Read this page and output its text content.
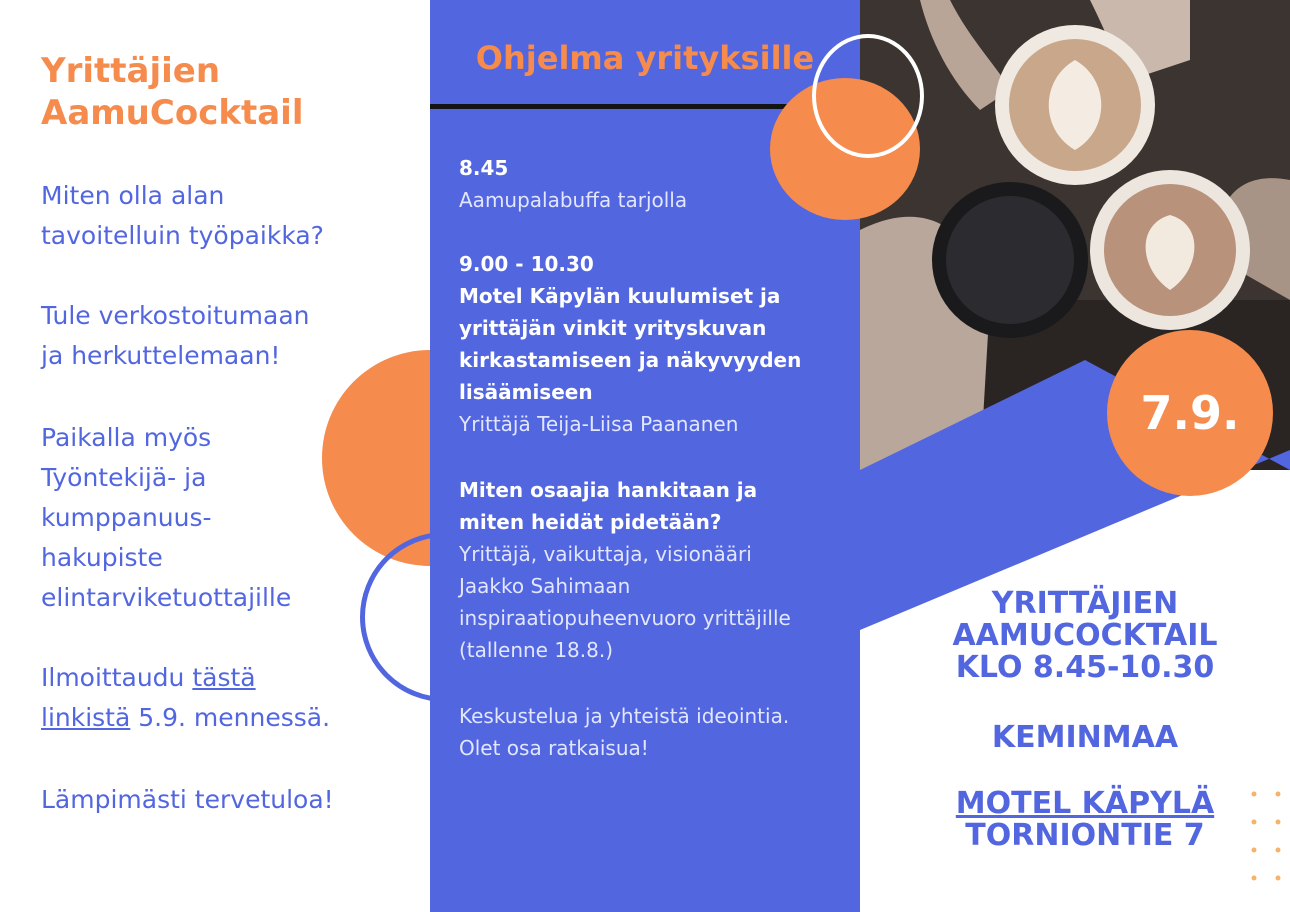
Yrittäjien
AamuCocktail
Miten olla alan
tavoitelluin työpaikka?
Tule verkostoitumaan
ja herkuttelemaan!
Paikalla myös
Työntekijä- ja
kumppanuus-
hakupiste
elintarviketuottajille
Ilmoittaudu tästä
linkistä 5.9. mennessä.
Lämpimästi tervetuloa!
Ohjelma yrityksille
8.45
Aamupalabuffa tarjolla
9.00 - 10.30
Motel Käpylän kuulumiset ja
yrittäjän vinkit yrityskuvan
kirkastamiseen ja näkyvyyden
lisäämiseen
Yrittäjä Teija-Liisa Paananen
Miten osaajia hankitaan ja
miten heidät pidetään?
Yrittäjä, vaikuttaja, visionääri
Jaakko Sahimaan
inspiraatiopuheenvuoro yrittäjille
(tallenne 18.8.)
Keskustelua ja yhteistä ideointia.
Olet osa ratkaisua!
7.9.
YRITTÄJIEN
AAMUCOCKTAIL
KLO 8.45-10.30
KEMINMAA
MOTEL KÄPYLÄ
TORNIONTIE 7
